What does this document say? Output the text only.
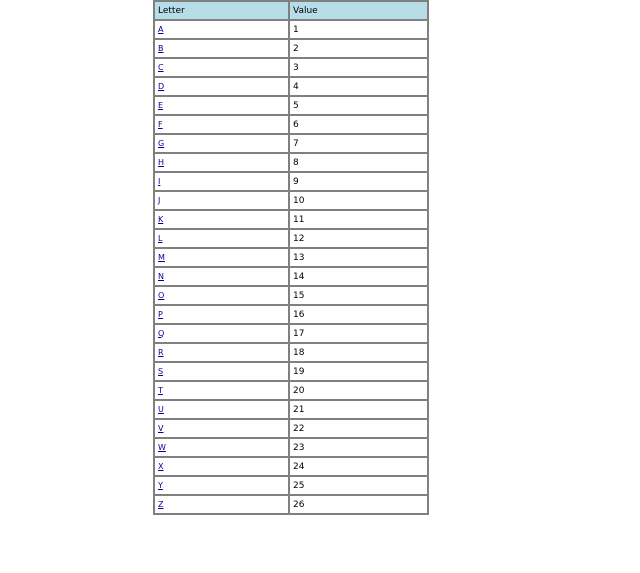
Letter	Value
A	1
B	2
C	3
D	4
E	5
F	6
G	7
H	8
I	9
J	10
K	11
L	12
M	13
N	14
O	15
P	16
Q	17
R	18
S	19
T	20
U	21
V	22
W	23
X	24
Y	25
Z	26
